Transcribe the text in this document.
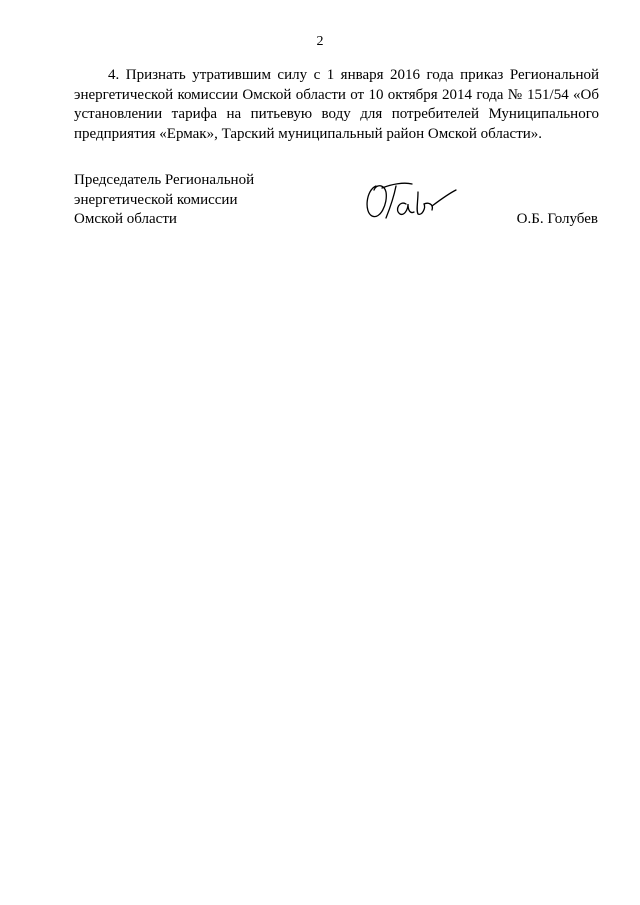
2
4. Признать утратившим силу с 1 января 2016 года приказ Региональной
энергетической комиссии Омской области от 10 октября 2014 года № 151/54 «Об
установлении тарифа на питьевую воду для потребителей Муниципального
предприятия «Ермак», Тарский муниципальный район Омской области».
Председатель Региональной
энергетической комиссии
Омской области	О.Б. Голубев
